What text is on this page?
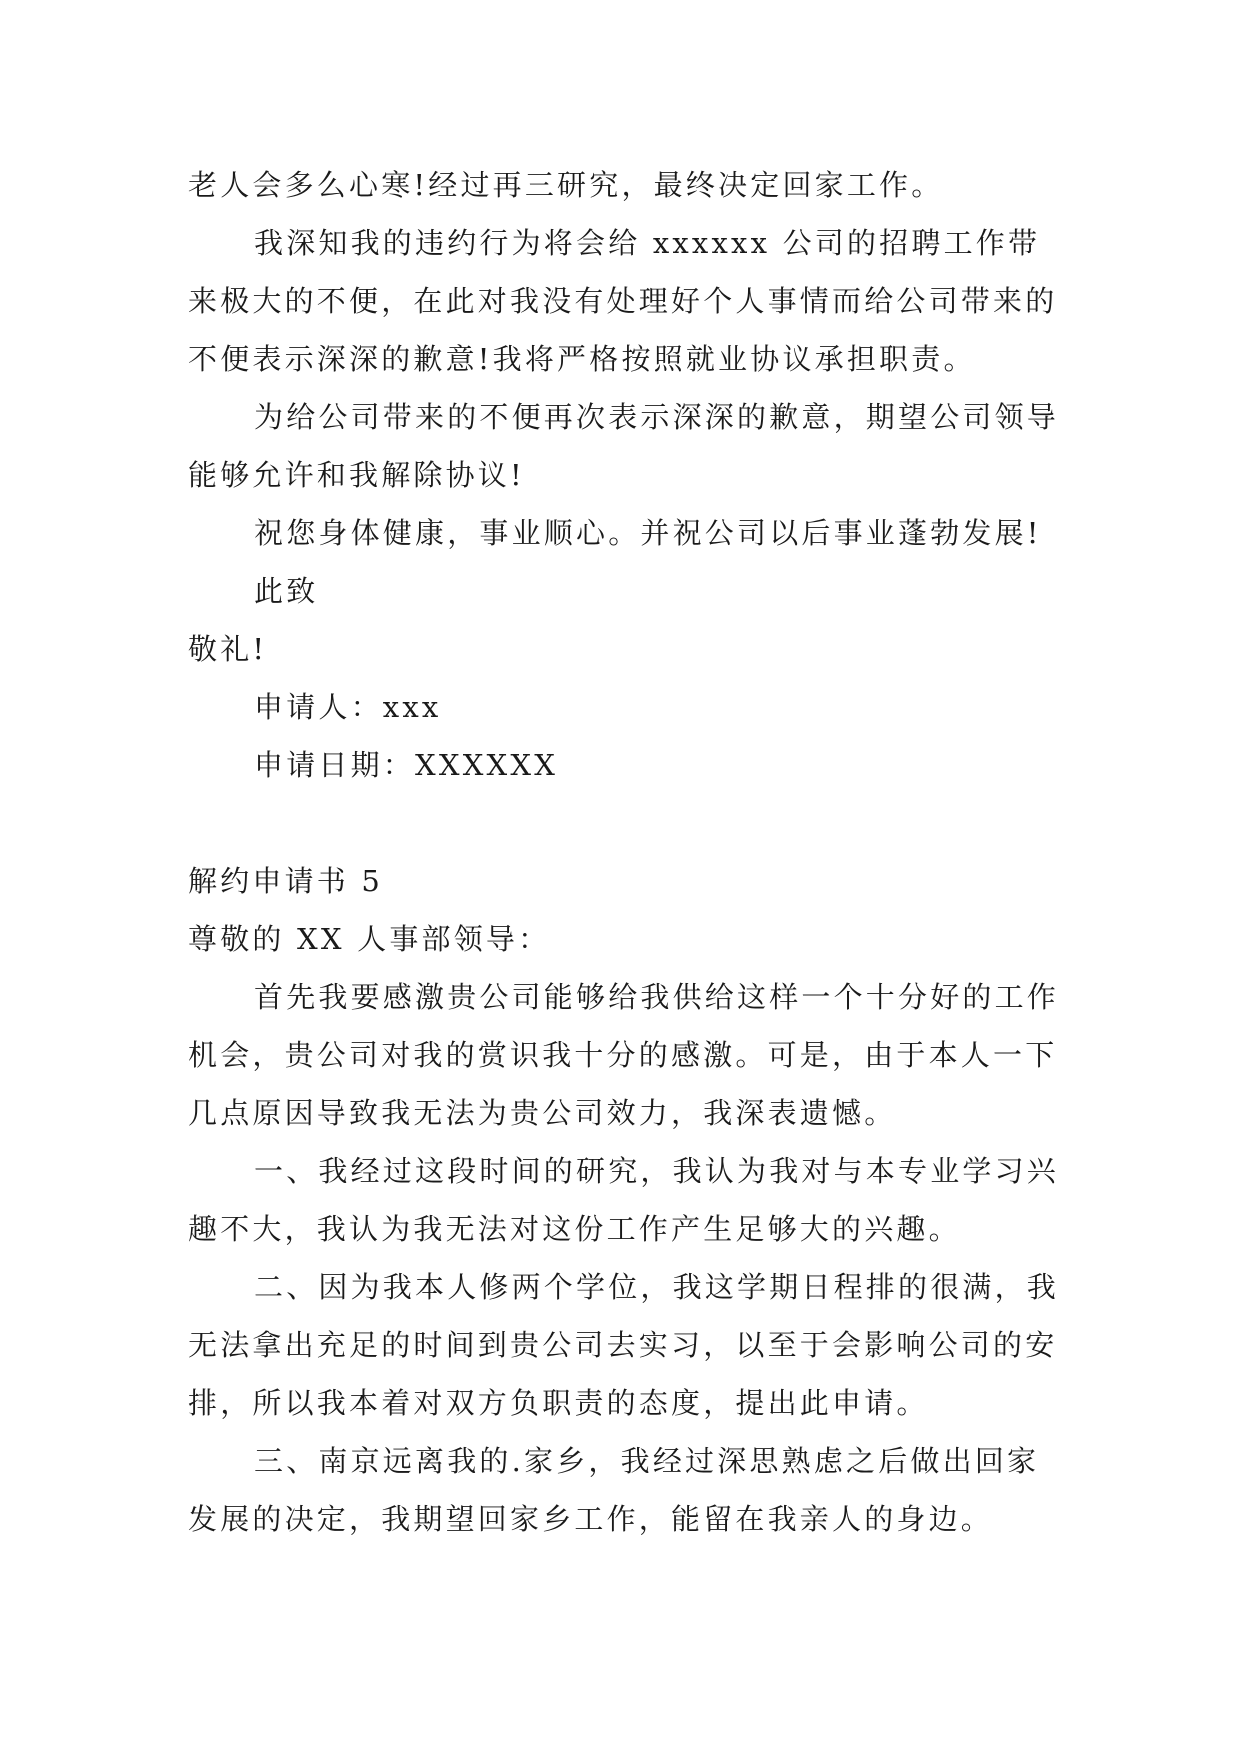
老人会多么心寒!经过再三研究，最终决定回家工作。

我深知我的违约行为将会给 xxxxxx 公司的招聘工作带来极大的不便，在此对我没有处理好个人事情而给公司带来的不便表示深深的歉意!我将严格按照就业协议承担职责。

为给公司带来的不便再次表示深深的歉意，期望公司领导能够允许和我解除协议!

祝您身体健康，事业顺心。并祝公司以后事业蓬勃发展!

此致

敬礼!

申请人：xxx

申请日期：XXXXXX

解约申请书 5

尊敬的 XX 人事部领导：

首先我要感激贵公司能够给我供给这样一个十分好的工作机会，贵公司对我的赏识我十分的感激。可是，由于本人一下几点原因导致我无法为贵公司效力，我深表遗憾。

一、我经过这段时间的研究，我认为我对与本专业学习兴趣不大，我认为我无法对这份工作产生足够大的兴趣。

二、因为我本人修两个学位，我这学期日程排的很满，我无法拿出充足的时间到贵公司去实习，以至于会影响公司的安排，所以我本着对双方负职责的态度，提出此申请。

三、南京远离我的.家乡，我经过深思熟虑之后做出回家发展的决定，我期望回家乡工作，能留在我亲人的身边。
